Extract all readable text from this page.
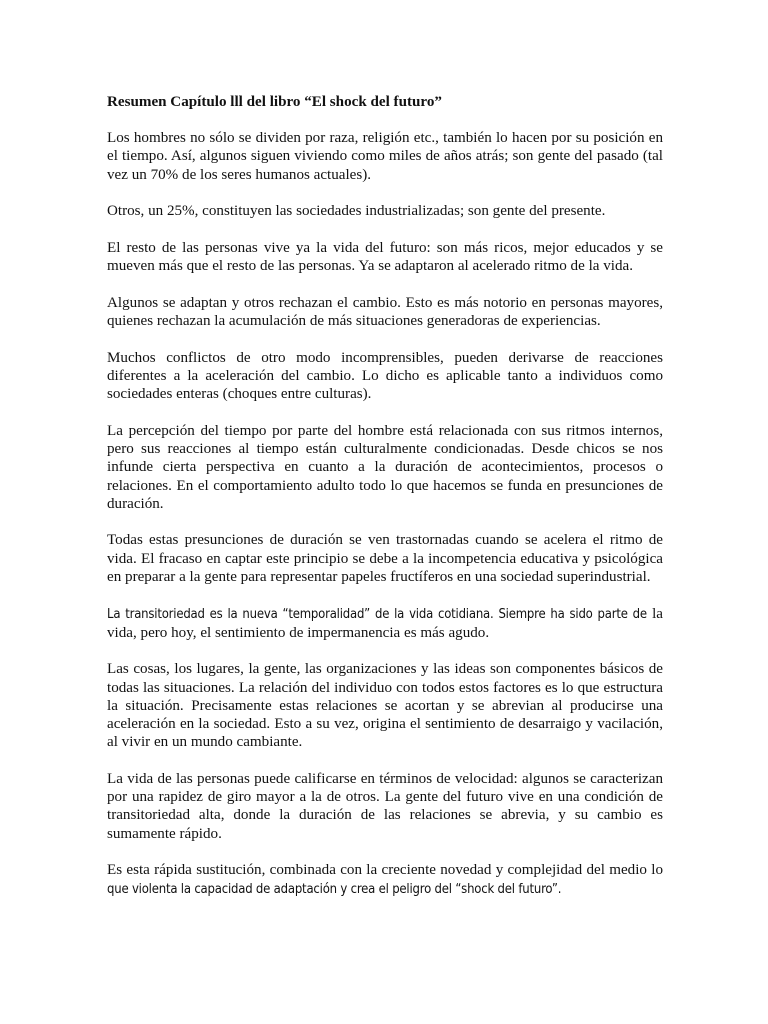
Resumen Capítulo lll del libro “El shock del futuro”

Los hombres no sólo se dividen por raza, religión etc., también lo hacen por su posición en el tiempo. Así, algunos siguen viviendo como miles de años atrás; son gente del pasado (tal vez un 70% de los seres humanos actuales).

Otros, un 25%, constituyen las sociedades industrializadas; son gente del presente.

El resto de las personas vive ya la vida del futuro: son más ricos, mejor educados y se mueven más que el resto de las personas. Ya se adaptaron al acelerado ritmo de la vida.

Algunos se adaptan y otros rechazan el cambio. Esto es más notorio en personas mayores, quienes rechazan la acumulación de más situaciones generadoras de experiencias.

Muchos conflictos de otro modo incomprensibles, pueden derivarse de reacciones diferentes a la aceleración del cambio. Lo dicho es aplicable tanto a individuos como sociedades enteras (choques entre culturas).

La percepción del tiempo por parte del hombre está relacionada con sus ritmos internos, pero sus reacciones al tiempo están culturalmente condicionadas. Desde chicos se nos infunde cierta perspectiva en cuanto a la duración de acontecimientos, procesos o relaciones. En el comportamiento adulto todo lo que hacemos se funda en presunciones de duración.

Todas estas presunciones de duración se ven trastornadas cuando se acelera el ritmo de vida. El fracaso en captar este principio se debe a la incompetencia educativa y psicológica en preparar a la gente para representar papeles fructíferos en una sociedad superindustrial.

La transitoriedad es la nueva “temporalidad” de la vida cotidiana. Siempre ha sido parte de la vida, pero hoy, el sentimiento de impermanencia es más agudo.

Las cosas, los lugares, la gente, las organizaciones y las ideas son componentes básicos de todas las situaciones. La relación del individuo con todos estos factores es lo que estructura la situación. Precisamente estas relaciones se acortan y se abrevian al producirse una aceleración en la sociedad. Esto a su vez, origina el sentimiento de desarraigo y vacilación, al vivir en un mundo cambiante.

La vida de las personas puede calificarse en términos de velocidad: algunos se caracterizan por una rapidez de giro mayor a la de otros. La gente del futuro vive en una condición de transitoriedad alta, donde la duración de las relaciones se abrevia, y su cambio es sumamente rápido.

Es esta rápida sustitución, combinada con la creciente novedad y complejidad del medio lo que violenta la capacidad de adaptación y crea el peligro del “shock del futuro”.
